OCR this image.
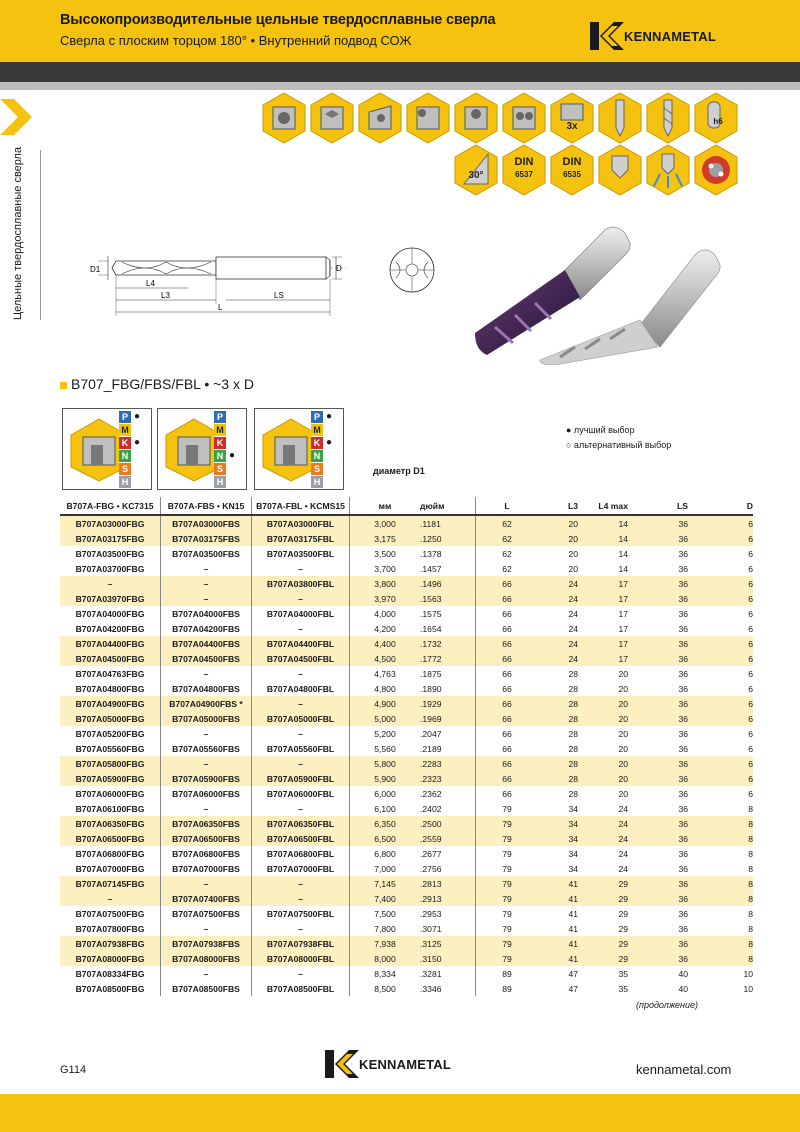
Высокопроизводительные цельные твердосплавные сверла
Сверла с плоским торцом 180° • Внутренний подвод СОЖ	KENNAMETAL
Цельные твердосплавные сверла
3x	h6
30°
DIN
6537
DIN
6535
D1	D
L4
L3	LS
L
B707_FBG/FBS/FBL • ~3 x D
P
M
K
N
S
H
●
●
P
M
K
N
S
H
●
P
M
K
N
S
H
●
●
● лучший выбор
○ альтернативный выбор
диаметр D1
B707A-FBG • KC7315	B707A-FBS • KN15	B707A-FBL • KCMS15	мм	дюйм	L	L3	L4 max	LS	D
B707A03000FBG	B707A03000FBS	B707A03000FBL	3,000	.1181	62	20	14	36	6
B707A03175FBG	B707A03175FBS	B707A03175FBL	3,175	.1250	62	20	14	36	6
B707A03500FBG	B707A03500FBS	B707A03500FBL	3,500	.1378	62	20	14	36	6
B707A03700FBG	–	–	3,700	.1457	62	20	14	36	6
–	–	B707A03800FBL	3,800	.1496	66	24	17	36	6
B707A03970FBG	–	–	3,970	.1563	66	24	17	36	6
B707A04000FBG	B707A04000FBS	B707A04000FBL	4,000	.1575	66	24	17	36	6
B707A04200FBG	B707A04200FBS	–	4,200	.1654	66	24	17	36	6
B707A04400FBG	B707A04400FBS	B707A04400FBL	4,400	.1732	66	24	17	36	6
B707A04500FBG	B707A04500FBS	B707A04500FBL	4,500	.1772	66	24	17	36	6
B707A04763FBG	–	–	4,763	.1875	66	28	20	36	6
B707A04800FBG	B707A04800FBS	B707A04800FBL	4,800	.1890	66	28	20	36	6
B707A04900FBG	B707A04900FBS *	–	4,900	.1929	66	28	20	36	6
B707A05000FBG	B707A05000FBS	B707A05000FBL	5,000	.1969	66	28	20	36	6
B707A05200FBG	–	–	5,200	.2047	66	28	20	36	6
B707A05560FBG	B707A05560FBS	B707A05560FBL	5,560	.2189	66	28	20	36	6
B707A05800FBG	–	–	5,800	.2283	66	28	20	36	6
B707A05900FBG	B707A05900FBS	B707A05900FBL	5,900	.2323	66	28	20	36	6
B707A06000FBG	B707A06000FBS	B707A06000FBL	6,000	.2362	66	28	20	36	6
B707A06100FBG	–	–	6,100	.2402	79	34	24	36	8
B707A06350FBG	B707A06350FBS	B707A06350FBL	6,350	.2500	79	34	24	36	8
B707A06500FBG	B707A06500FBS	B707A06500FBL	6,500	.2559	79	34	24	36	8
B707A06800FBG	B707A06800FBS	B707A06800FBL	6,800	.2677	79	34	24	36	8
B707A07000FBG	B707A07000FBS	B707A07000FBL	7,000	.2756	79	34	24	36	8
B707A07145FBG	–	–	7,145	.2813	79	41	29	36	8
–	B707A07400FBS	–	7,400	.2913	79	41	29	36	8
B707A07500FBG	B707A07500FBS	B707A07500FBL	7,500	.2953	79	41	29	36	8
B707A07800FBG	–	–	7,800	.3071	79	41	29	36	8
B707A07938FBG	B707A07938FBS	B707A07938FBL	7,938	.3125	79	41	29	36	8
B707A08000FBG	B707A08000FBS	B707A08000FBL	8,000	.3150	79	41	29	36	8
B707A08334FBG	–	–	8,334	.3281	89	47	35	40	10
B707A08500FBG	B707A08500FBS	B707A08500FBL	8,500	.3346	89	47	35	40	10
(продолжение)
G114	KENNAMETAL	kennametal.com
